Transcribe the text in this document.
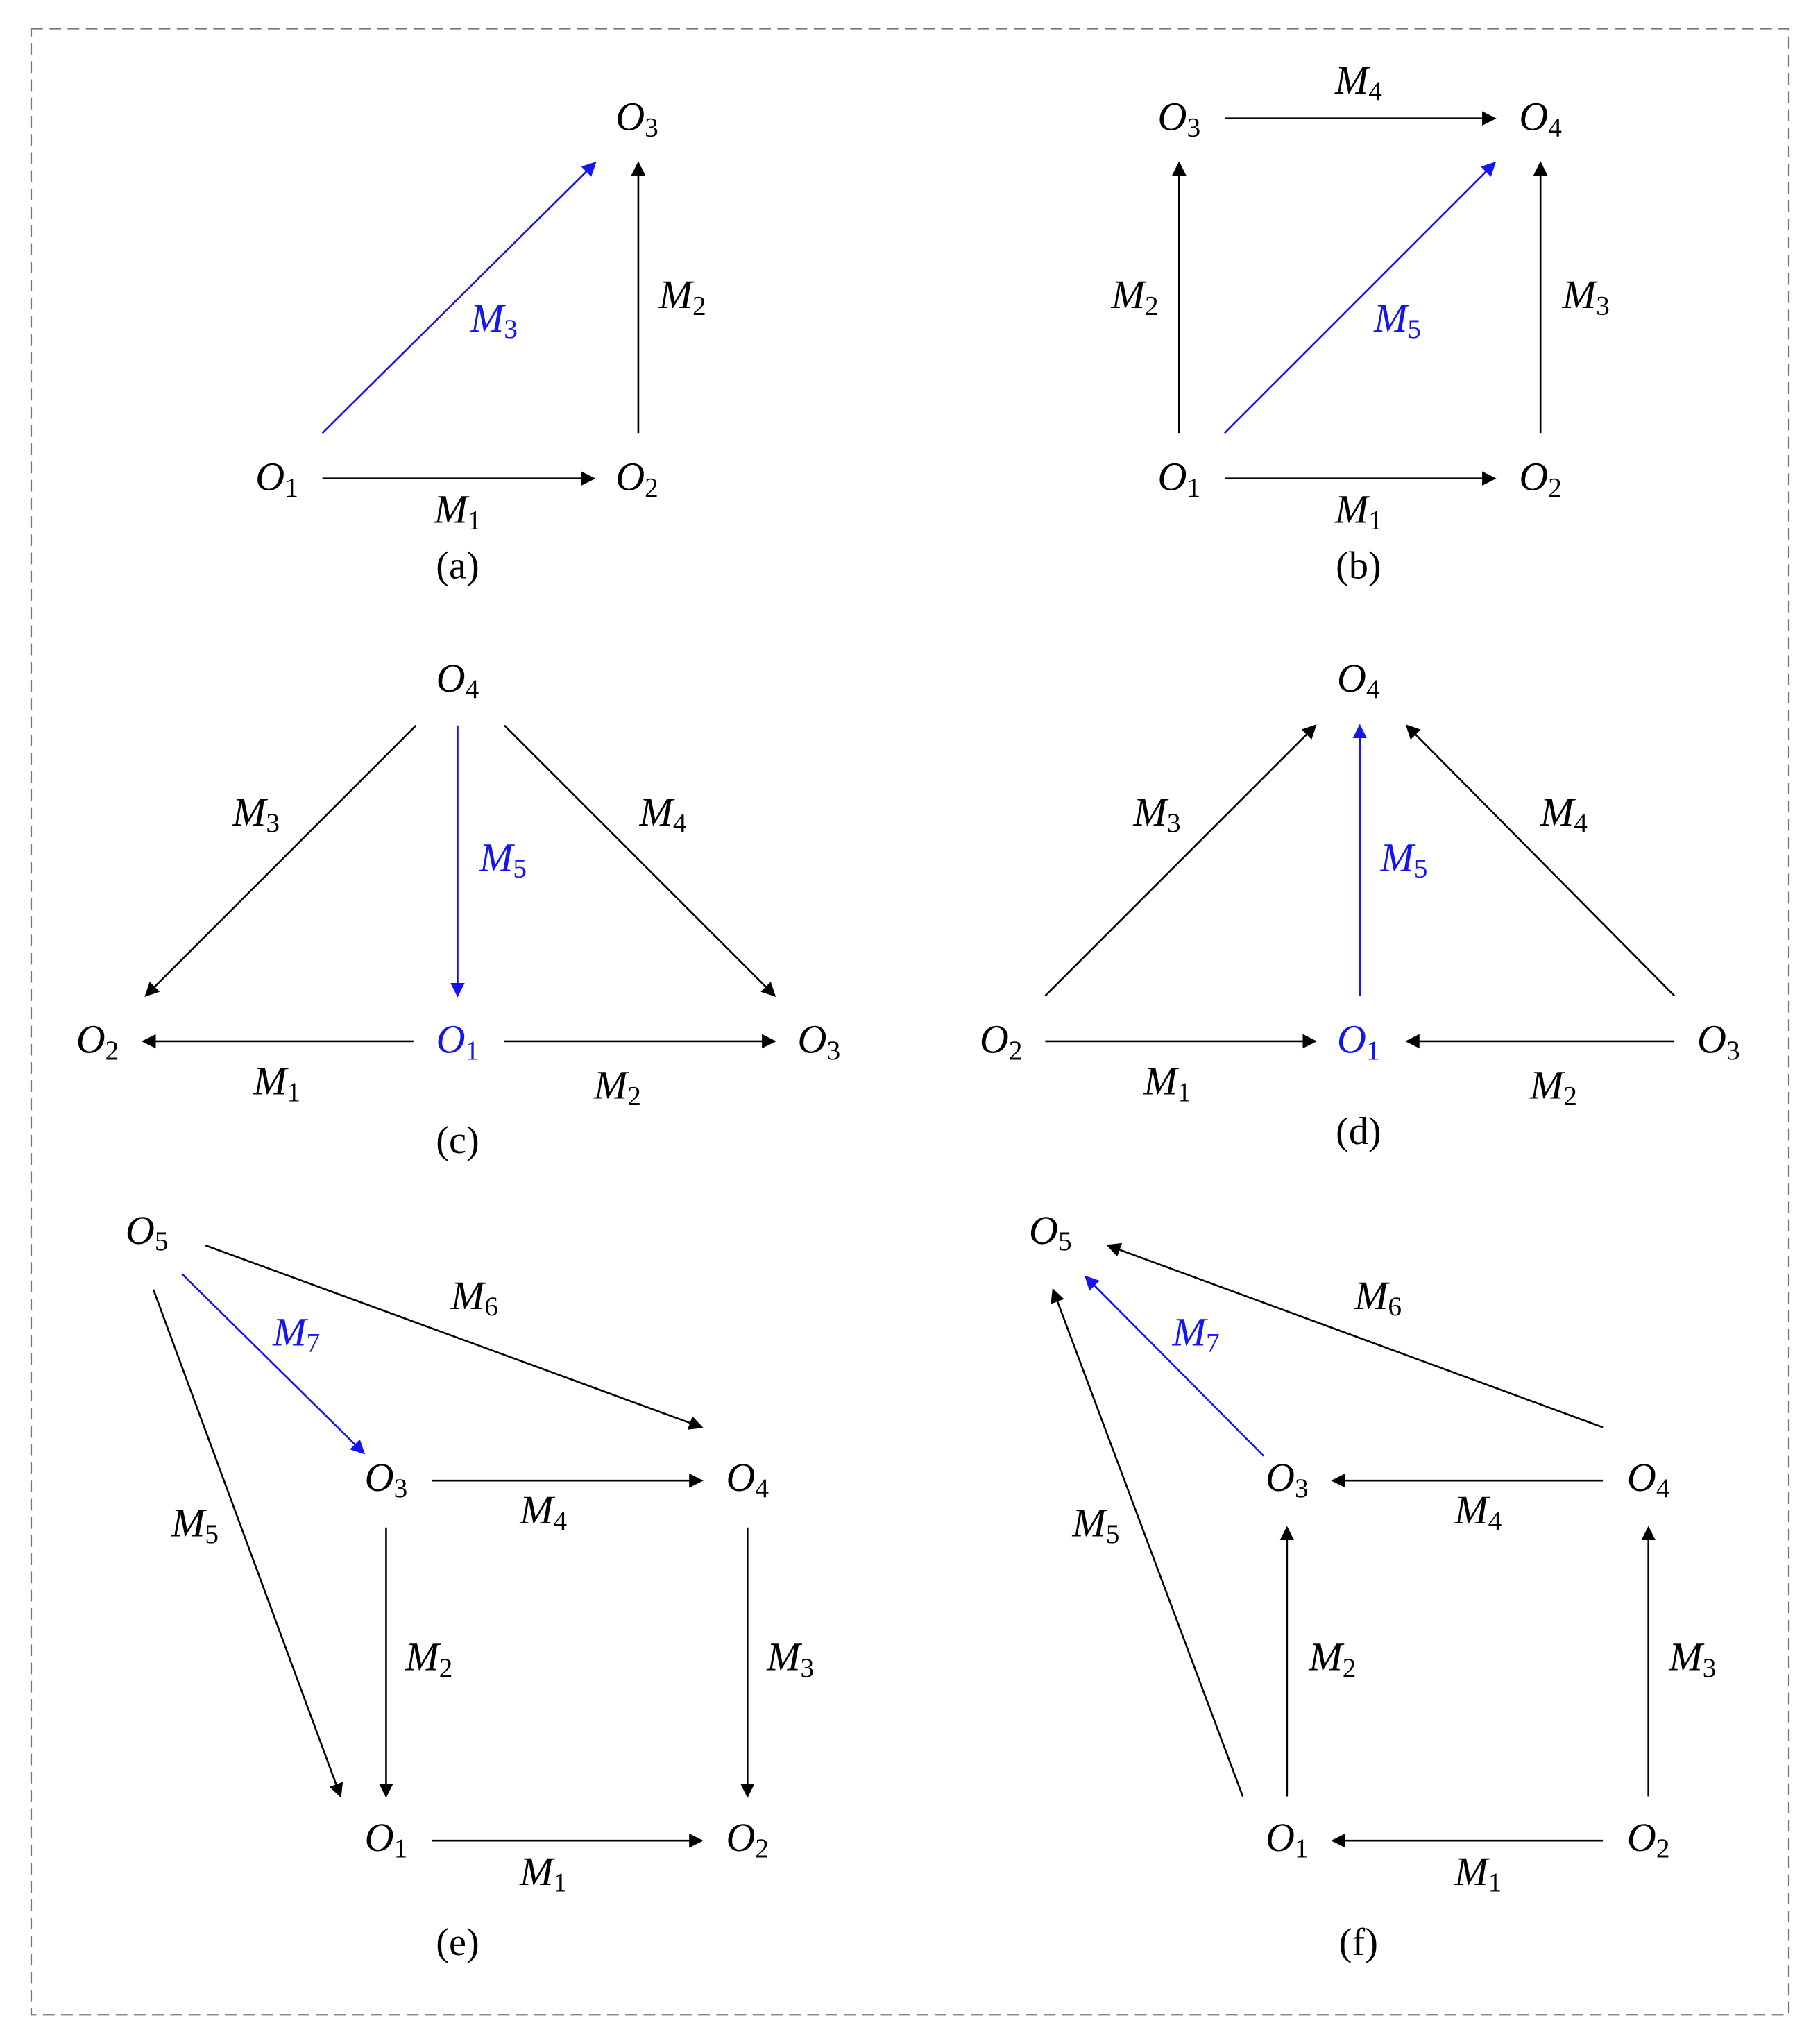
$M_1$
$M_2$
$M_3$
$O_1$	$O_2$
$O_3$
(a)
$M_4$
$M_2$	$M_3$
$M_5$
$M_1$
$O_3$	$O_4$
$O_1$	$O_2$
(b)
$M_3$
$M_5$
$M_4$
$M_1$	$M_2$
$O_4$
$O_2$	$O_1$	$O_3$
(c)
$M_3$
$M_5$
$M_4$
$M_1$	$M_2$
$O_4$
$O_2$	$O_1$	$O_3$
(d)
$M_6$
$M_7$
$M_5$
$M_4$
$M_2$	$M_3$
$M_1$
$O_5$
$O_3$	$O_4$
$O_1$	$O_2$
(e)
$M_6$
$M_7$
$M_5$
$M_4$
$M_2$	$M_3$
$M_1$
$O_5$
$O_3$	$O_4$
$O_1$	$O_2$
(f)
